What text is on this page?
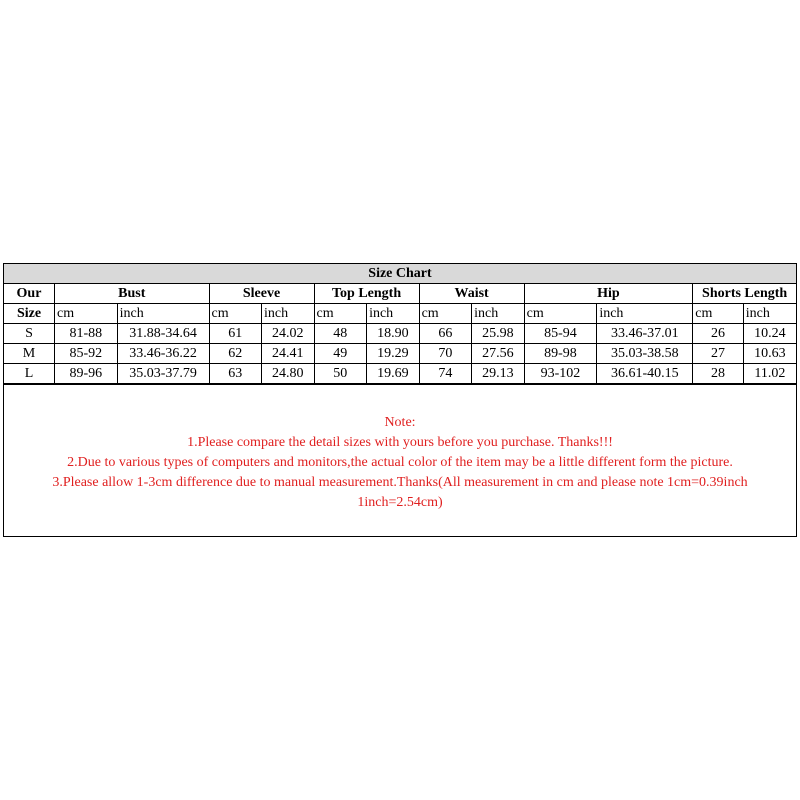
Size Chart												
Our	Bust		Sleeve		Top Length		Waist		Hip		Shorts Length	
Size	cm	inch	cm	inch	cm	inch	cm	inch	cm	inch	cm	inch
S	81-88	31.88-34.64	61	24.02	48	18.90	66	25.98	85-94	33.46-37.01	26	10.24
M	85-92	33.46-36.22	62	24.41	49	19.29	70	27.56	89-98	35.03-38.58	27	10.63
L	89-96	35.03-37.79	63	24.80	50	19.69	74	29.13	93-102	36.61-40.15	28	11.02
Note:
1.Please compare the detail sizes with yours before you purchase. Thanks!!!
2.Due to various types of computers and monitors,the actual color of the item may be a little different form the picture.
3.Please allow 1-3cm difference due to manual measurement.Thanks(All measurement in cm and please note 1cm=0.39inch
1inch=2.54cm)
